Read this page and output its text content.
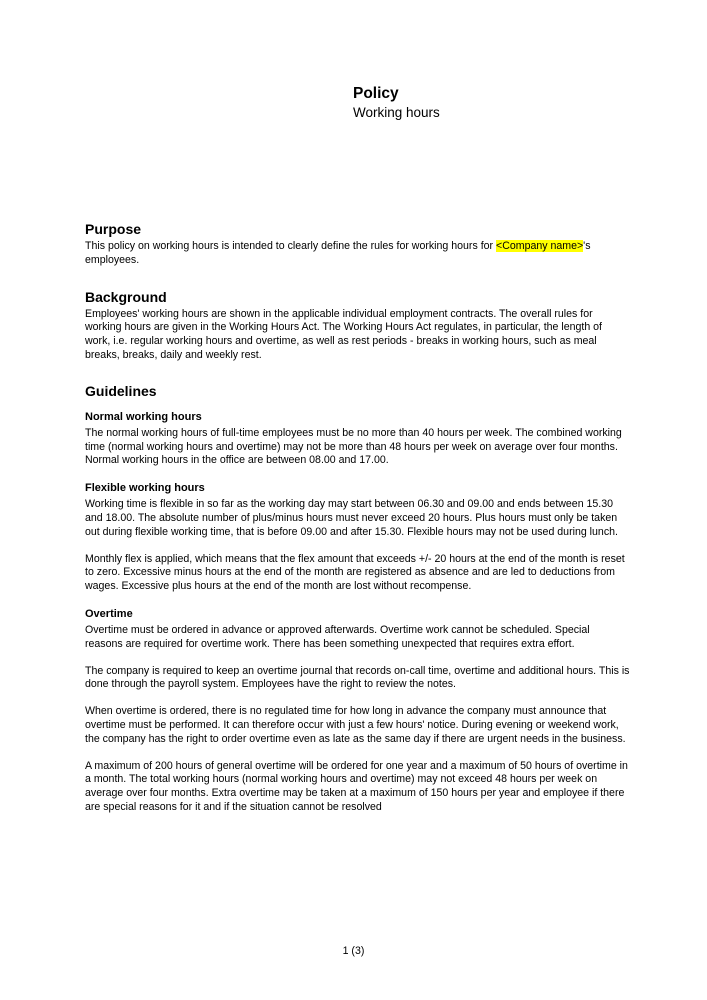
Policy
Working hours
Purpose

This policy on working hours is intended to clearly define the rules for working hours for <Company name>'s employees.

Background

Employees' working hours are shown in the applicable individual employment contracts. The overall rules for working hours are given in the Working Hours Act. The Working Hours Act regulates, in particular, the length of work, i.e. regular working hours and overtime, as well as rest periods - breaks in working hours, such as meal breaks, breaks, daily and weekly rest.

Guidelines
Normal working hours

The normal working hours of full-time employees must be no more than 40 hours per week. The combined working time (normal working hours and overtime) may not be more than 48 hours per week on average over four months. Normal working hours in the office are between 08.00 and 17.00.

Flexible working hours

Working time is flexible in so far as the working day may start between 06.30 and 09.00 and ends between 15.30 and 18.00. The absolute number of plus/minus hours must never exceed 20 hours. Plus hours must only be taken out during flexible working time, that is before 09.00 and after 15.30. Flexible hours may not be used during lunch.

Monthly flex is applied, which means that the flex amount that exceeds +/- 20 hours at the end of the month is reset to zero. Excessive minus hours at the end of the month are registered as absence and are led to deductions from wages. Excessive plus hours at the end of the month are lost without recompense.

Overtime

Overtime must be ordered in advance or approved afterwards. Overtime work cannot be scheduled. Special reasons are required for overtime work. There has been something unexpected that requires extra effort.

The company is required to keep an overtime journal that records on-call time, overtime and additional hours. This is done through the payroll system. Employees have the right to review the notes.

When overtime is ordered, there is no regulated time for how long in advance the company must announce that overtime must be performed. It can therefore occur with just a few hours' notice. During evening or weekend work, the company has the right to order overtime even as late as the same day if there are urgent needs in the business.

A maximum of 200 hours of general overtime will be ordered for one year and a maximum of 50 hours of overtime in a month. The total working hours (normal working hours and overtime) may not exceed 48 hours per week on average over four months. Extra overtime may be taken at a maximum of 150 hours per year and employee if there are special reasons for it and if the situation cannot be resolved

1 (3)
